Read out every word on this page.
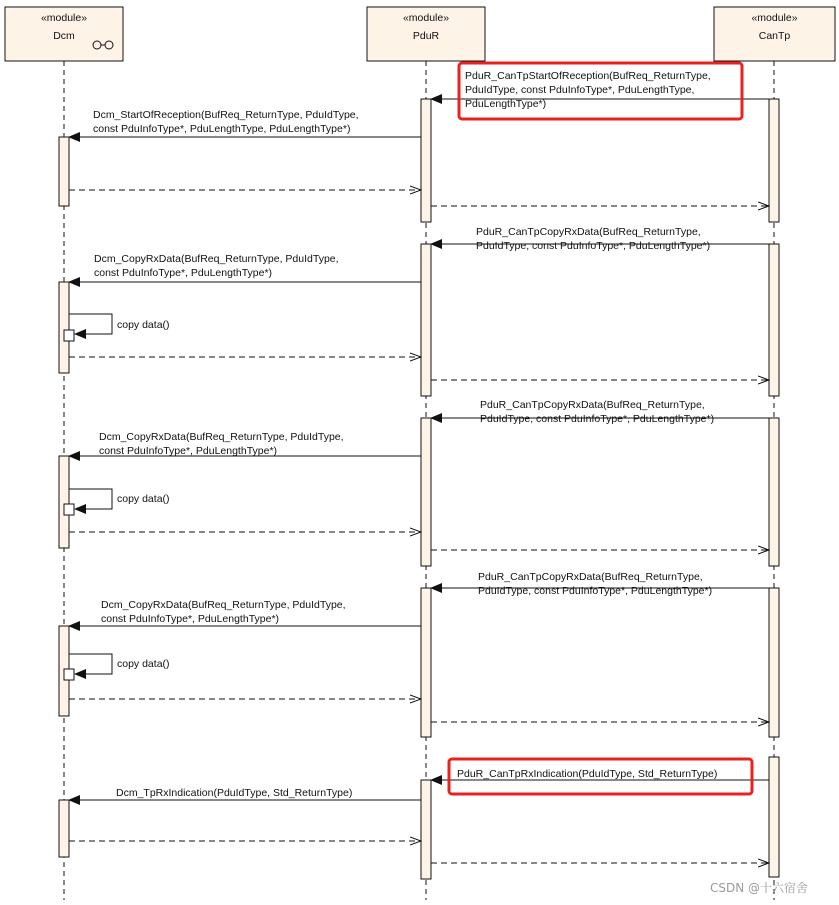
«module»
Dcm
«module»
PduR
«module»
CanTp
PduR_CanTpStartOfReception(BufReq_ReturnType,
PduIdType, const PduInfoType*, PduLengthType,
PduLengthType*)
Dcm_StartOfReception(BufReq_ReturnType, PduIdType,
const PduInfoType*, PduLengthType, PduLengthType*)
PduR_CanTpCopyRxData(BufReq_ReturnType,
PduIdType, const PduInfoType*, PduLengthType*)
Dcm_CopyRxData(BufReq_ReturnType, PduIdType,
const PduInfoType*, PduLengthType*)
copy data()
PduR_CanTpCopyRxData(BufReq_ReturnType,
PduIdType, const PduInfoType*, PduLengthType*)
Dcm_CopyRxData(BufReq_ReturnType, PduIdType,
const PduInfoType*, PduLengthType*)
copy data()
PduR_CanTpCopyRxData(BufReq_ReturnType,
PduIdType, const PduInfoType*, PduLengthType*)
Dcm_CopyRxData(BufReq_ReturnType, PduIdType,
const PduInfoType*, PduLengthType*)
copy data()
PduR_CanTpRxIndication(PduIdType, Std_ReturnType)
Dcm_TpRxIndication(PduIdType, Std_ReturnType)
CSDN @十六宿舍
